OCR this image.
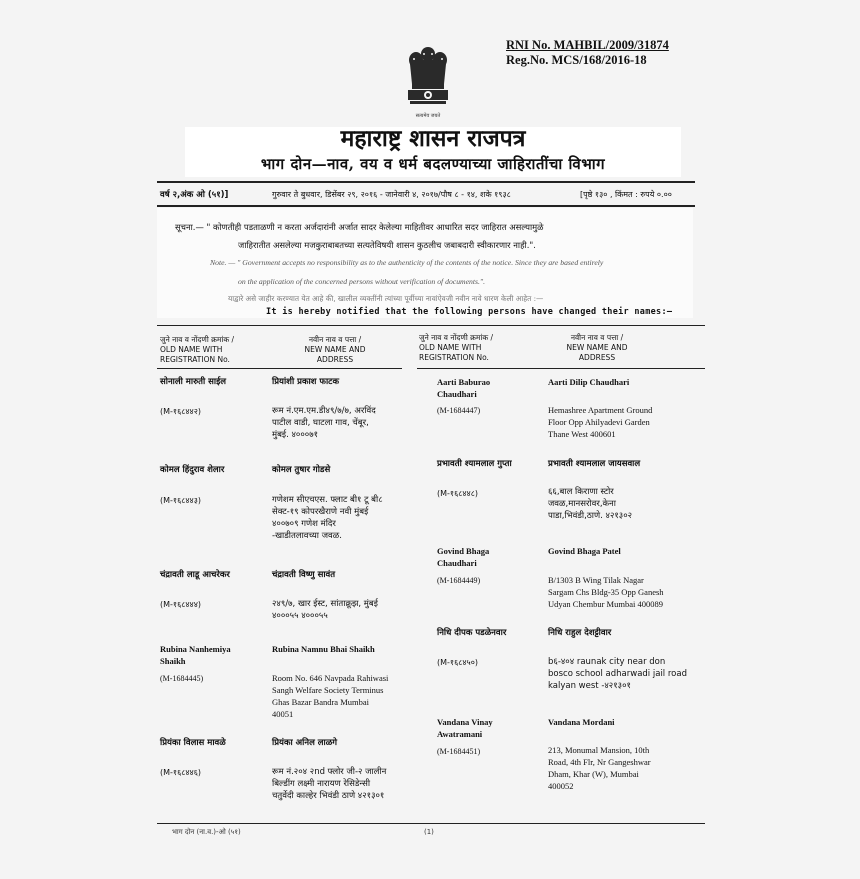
RNI No. MAHBIL/2009/31874
Reg.No. MCS/168/2016-18
सत्यमेव जयते
महाराष्ट्र शासन राजपत्र
भाग दोन—नाव, वय व धर्म बदलण्याच्या जाहिरातींचा विभाग
वर्ष २,अंक ओ (५१)]	गुरुवार ते बुधवार, डिसेंबर २९, २०१६ - जानेवारी ४, २०१७/पौष ८ - १४, शके १९३८	[पृष्ठे १३० , किंमत : रुपये ०.००
सूचना.— " कोणतीही पडताळणी न करता अर्जदारांनी अर्जात सादर केलेल्या माहितीवर आधारित सदर जाहिरात असल्यामुळे
जाहिरातीत असलेल्या मजकुराबाबतच्या सत्यतेविषयी शासन कुठलीच जबाबदारी स्वीकारणार नाही.".
Note. — " Government accepts no responsibility as to the authenticity of the contents of the notice. Since they are based entirely
on the application of the concerned persons without verification of documents.".
याद्वारे असे जाहीर करण्यात येत आहे की, खालील व्यक्तींनी त्यांच्या पूर्वीच्या नावांऐवजी नवीन नावे धारण केली आहेत :—
It is hereby notified that the following persons have changed their names:—
जुने नाव व नोंदणी क्रमांक /
OLD NAME WITH
REGISTRATION No.
नवीन नाव व पत्ता /
NEW NAME AND
ADDRESS
जुने नाव व नोंदणी क्रमांक /
OLD NAME WITH
REGISTRATION No.
नवीन नाव व पत्ता /
NEW NAME AND
ADDRESS
सोनाली मारुती साईल	प्रियांशी प्रकाश फाटक
(M-१६८४४२)	रूम नं.एम.एम.डी४९/७/७, अरविंद
पाटील वाडी, घाटला गाव, चेंबूर,
मुंबई. ४०००७१
कोमल हिंदुराव शेलार	कोमल तुषार गोडसे
(M-१६८४४३)	गणेशम सीएचएस. फ्लाट बी१ टू बी८
सेक्ट-१९ कोपरखैराणे नवी मुंबई
४००७०९ गणेश मंदिर
-खाडीतलावच्या जवळ.
चंद्रावती लाडू आचरेकर	चंद्रावती विष्णु सावंत
(M-१६८४४४)	२४९/७, खार ईस्ट, सांताक्रूझ, मुंबई
४०००५५ ४०००५५
Rubina Nanhemiya
Shaikh
Rubina Namnu Bhai Shaikh
(M-1684445)	Room No. 646 Navpada Rahiwasi
Sangh Welfare Society Terminus
Ghas Bazar Bandra Mumbai
40051
प्रियंका विलास मावळे	प्रियंका अनिल लाळगे
(M-१६८४४६)	रूम नं.२०४ २nd फ्लोर जी-२ जालीन
बिल्डींग लक्ष्मी नारायण रेसिडेन्सी
चतुर्वेदी काल्हेर भिवंडी ठाणे ४२१३०१
Aarti Baburao
Chaudhari
Aarti Dilip Chaudhari
(M-1684447)	Hemashree Apartment Ground
Floor Opp Ahilyadevi Garden
Thane West 400601
प्रभावती श्यामलाल गुप्ता	प्रभावती श्यामलाल जायसवाल
(M-१६८४४८)	६६,बाल किराणा स्टोर
जवळ,मानसरोवर,केना
पाडा,भिवंडी,ठाणे. ४२१३०२
Govind Bhaga
Chaudhari
Govind Bhaga Patel
(M-1684449)	B/1303 B Wing Tilak Nagar
Sargam Chs Bldg-35 Opp Ganesh
Udyan Chembur Mumbai 400089
निधि दीपक पडळेनवार	निधि राहुल देशट्टीवार
(M-१६८४५०)	b६-४०४ raunak city near don
bosco school adharwadi jail road
kalyan west -४२१३०१
Vandana Vinay
Awatramani
Vandana Mordani
(M-1684451)	213, Monumal Mansion, 10th
Road, 4th Flr, Nr Gangeshwar
Dham, Khar (W), Mumbai
400052
भाग दोन (ना.व.)-ओ (५१)	(1)
